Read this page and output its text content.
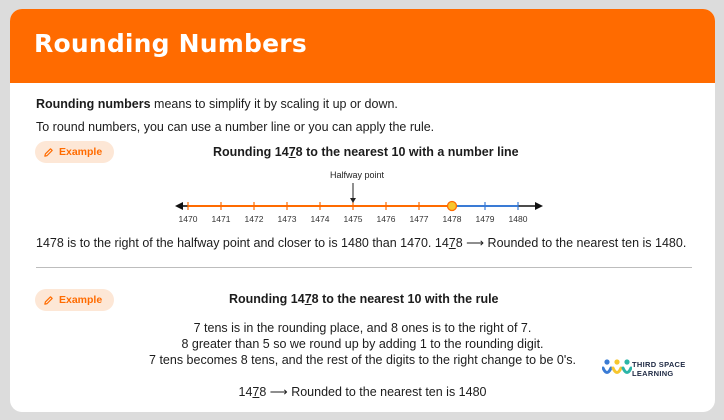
Rounding Numbers
Rounding numbers means to simplify it by scaling it up or down.
To round numbers, you can use a number line or you can apply the rule.
Example	Rounding 1478 to the nearest 10 with a number line
1470 1471 1472 1473 1474 1475 1476 1477 1478 1479 1480
Halfway point
1478 is to the right of the halfway point and closer to is 1480 than 1470. 1478 ⟶ Rounded to the nearest ten is 1480.
Example	Rounding 1478 to the nearest 10 with the rule
7 tens is in the rounding place, and 8 ones is to the right of 7.
8 greater than 5 so we round up by adding 1 to the rounding digit.
7 tens becomes 8 tens, and the rest of the digits to the right change to be 0's.
1478 ⟶ Rounded to the nearest ten is 1480
THIRD SPACE
LEARNING
